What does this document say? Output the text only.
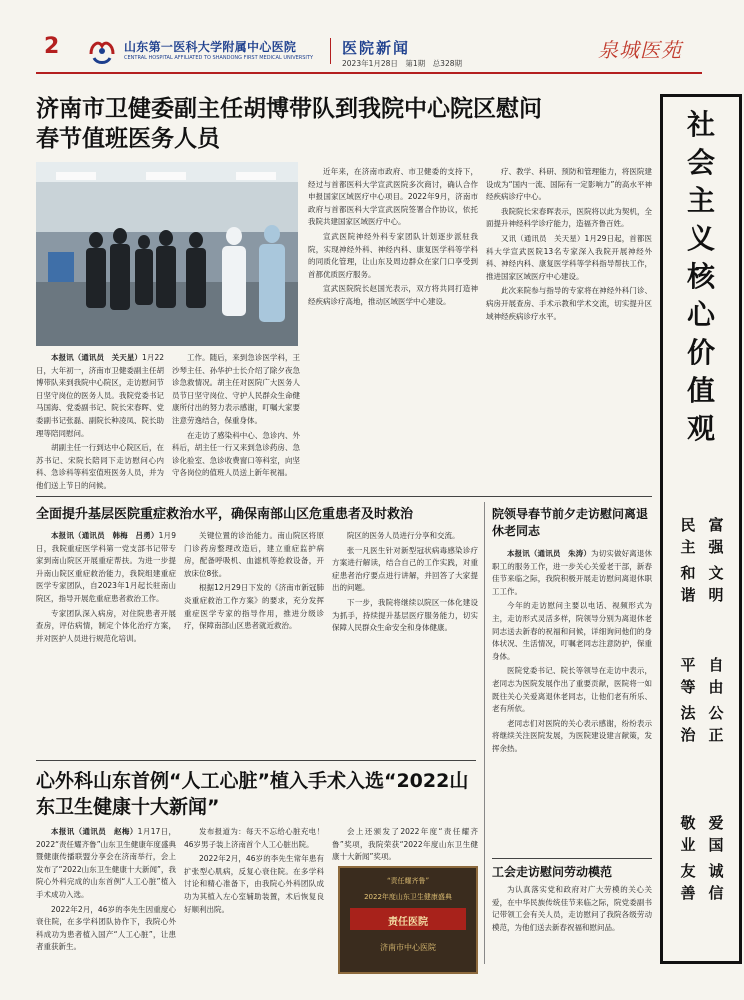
2	山东第一医科大学附属中心医院
CENTRAL HOSPITAL AFFILIATED TO SHANDONG FIRST MEDICAL UNIVERSITY
医院新闻
2023年1月28日　第1期　总328期
泉城医苑
济南市卫健委副主任胡博带队到我院中心院区慰问春节值班医务人员

本报讯（通讯员　关天星）1月22日，大年初一，济南市卫健委副主任胡博带队来到我院中心院区，走访慰问节日坚守岗位的医务人员。我院党委书记马国海、党委副书记、院长宋春晖、党委副书记张磊、副院长种凌凤、院长助理等陪同慰问。

胡副主任一行到达中心院区后，在苏书记、宋院长陪同下走访慰问心内科、急诊科等科室值班医务人员，并为他们送上节日的问候。

工作。随后，来到急诊医学科，王沙琴主任、孙华护士长介绍了除夕夜急诊急救情况。胡主任对医院广大医务人员节日坚守岗位、守护人民群众生命健康所付出的努力表示感谢，叮嘱大家要注意劳逸结合，保重身体。

在走访了感染科中心、急诊内、外科后，胡主任一行又来到急诊药房、急诊化验室、急诊收费窗口等科室，向坚守各岗位的值班人员送上新年祝福。

近年来，在济南市政府、市卫健委的支持下，经过与首都医科大学宣武医院多次商讨，确认合作申报国家区域医疗中心项目。2022年9月，济南市政府与首都医科大学宣武医院签署合作协议，依托我院共建国家区域医疗中心。

宣武医院神经外科专家团队计划逐步派驻我院，实现神经外科、神经内科、康复医学科等学科的同质化管理，让山东及周边群众在家门口享受到首都优质医疗服务。

宣武医院院长赵国光表示，双方将共同打造神经疾病诊疗高地，推动区域医学中心建设。

疗、教学、科研、预防和管理能力，将医院建设成为“国内一流、国际有一定影响力”的高水平神经疾病诊疗中心。

我院院长宋春晖表示，医院将以此为契机，全面提升神经科学诊疗能力，造福齐鲁百姓。

又讯（通讯员　关天星）1月29日起，首都医科大学宣武医院13名专家深入我院开展神经外科、神经内科、康复医学科等学科指导帮扶工作，推进国家区域医疗中心建设。

此次来院参与指导的专家将在神经外科门诊、病房开展查房、手术示教和学术交流，切实提升区域神经疾病诊疗水平。

全面提升基层医院重症救治水平，确保南部山区危重患者及时救治

本报讯（通讯员　韩梅　吕勇）1月9日，我院重症医学科第一党支部书记带专家到南山院区开展重症帮扶。为进一步提升南山院区重症救治能力，我院组建重症医学专家团队，自2023年1月起长驻南山院区，指导开展危重症患者救治工作。

专家团队深入病房，对住院患者开展查房，评估病情，制定个体化治疗方案，并对医护人员进行规范化培训。

关键位置的诊治能力。南山院区将原门诊药房整理改造后，建立重症监护病房，配备呼吸机、血滤机等抢救设备，开放床位8张。

根据12月29日下发的《济南市新冠肺炎重症救治工作方案》的要求，充分发挥重症医学专家的指导作用，推进分级诊疗，保障南部山区患者就近救治。

院区的医务人员进行分享和交流。

张一凡医生针对新型冠状病毒感染诊疗方案进行解读，结合自己的工作实践，对重症患者治疗要点进行讲解，并回答了大家提出的问题。

下一步，我院将继续以院区一体化建设为抓手，持续提升基层医疗服务能力，切实保障人民群众生命安全和身体健康。

院领导春节前夕走访慰问离退休老同志

本报讯（通讯员　朱涛）为切实做好离退休职工的服务工作，进一步关心关爱老干部，新春佳节来临之际，我院积极开展走访慰问离退休职工工作。

今年的走访慰问主要以电话、视频形式为主，走访形式灵活多样，院领导分别为离退休老同志送去新春的祝福和问候，详细询问他们的身体状况、生活情况，叮嘱老同志注意防护，保重身体。

医院党委书记、院长等领导在走访中表示，老同志为医院发展作出了重要贡献，医院将一如既往关心关爱离退休老同志，让他们老有所乐、老有所依。

老同志们对医院的关心表示感谢，纷纷表示将继续关注医院发展，为医院建设建言献策，发挥余热。

心外科山东首例“人工心脏”植入手术入选“2022山东卫生健康十大新闻”

本报讯（通讯员　赵梅）1月17日，2022“责任耀齐鲁”山东卫生健康年度盛典暨健康传播联盟分享会在济南举行，会上发布了“2022山东卫生健康十大新闻”，我院心外科完成的山东首例“人工心脏”植入手术成功入选。

2022年2月，46岁的李先生因重度心衰住院，在多学科团队协作下，我院心外科成功为患者植入国产“人工心脏”，让患者重获新生。

发布报道为：每天不忘给心脏充电！46岁男子装上济南首个人工心脏出院。

2022年2月，46岁的李先生常年患有扩张型心肌病，反复心衰住院。在多学科讨论和精心准备下，由我院心外科团队成功为其植入左心室辅助装置，术后恢复良好顺利出院。

会上还颁发了2022年度“责任耀齐鲁”奖项，我院荣获“2022年度山东卫生健康十大新闻”奖项。

“责任耀齐鲁”
2022年度山东卫生健康盛典
责任医院
济南市中心医院
工会走访慰问劳动模范

为认真落实党和政府对广大劳模的关心关爱，在中华民族传统佳节来临之际，院党委副书记带领工会有关人员，走访慰问了我院各级劳动模范，为他们送去新春祝福和慰问品。

社会主义核心价值观
富强
民主
文明
和谐
自由
平等
公正
法治
爱国
敬业
诚信
友善
